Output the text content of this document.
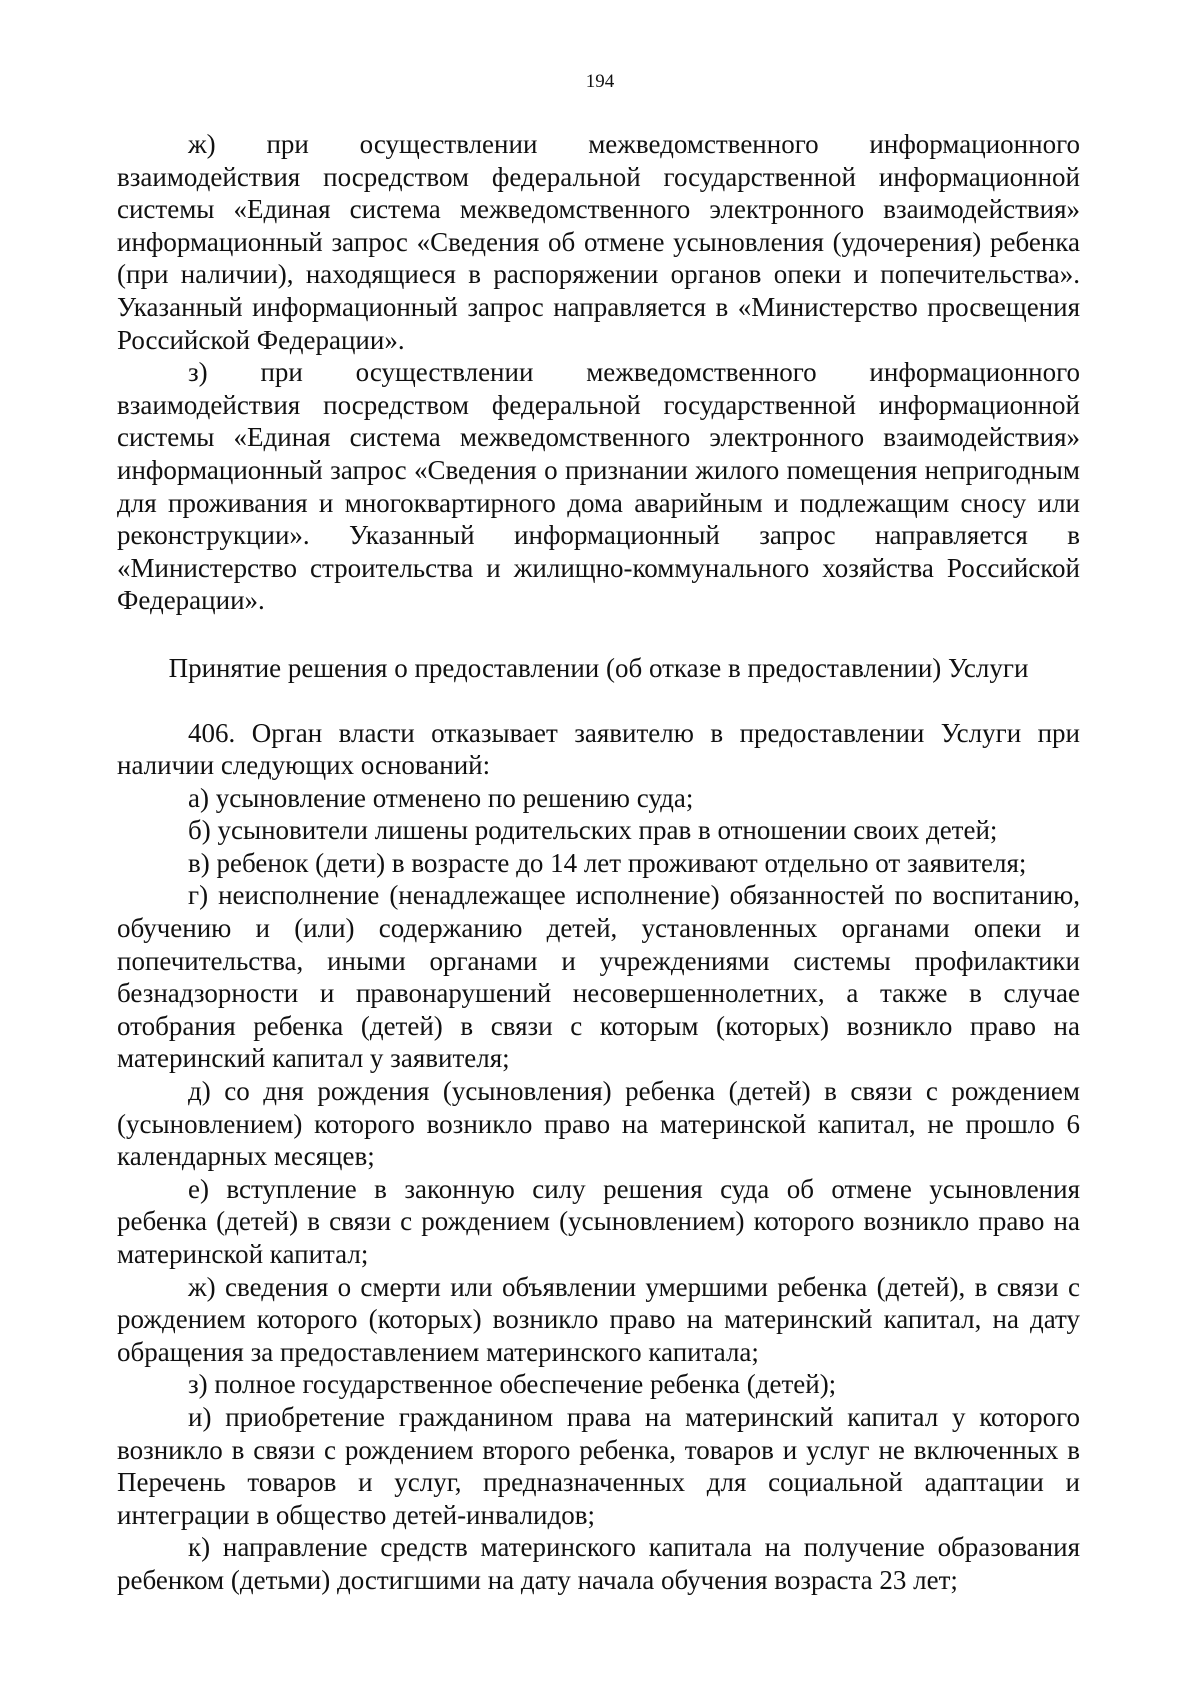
194

ж) при осуществлении межведомственного информационного взаимодействия посредством федеральной государственной информационной системы «Единая система межведомственного электронного взаимодействия» информационный запрос «Сведения об отмене усыновления (удочерения) ребенка (при наличии), находящиеся в распоряжении органов опеки и попечительства». Указанный информационный запрос направляется в «Министерство просвещения Российской Федерации».

з) при осуществлении межведомственного информационного взаимодействия посредством федеральной государственной информационной системы «Единая система межведомственного электронного взаимодействия» информационный запрос «Сведения о признании жилого помещения непригодным для проживания и многоквартирного дома аварийным и подлежащим сносу или реконструкции». Указанный информационный запрос направляется в «Министерство строительства и жилищно-коммунального хозяйства Российской Федерации».

Принятие решения о предоставлении (об отказе в предоставлении) Услуги

406. Орган власти отказывает заявителю в предоставлении Услуги при наличии следующих оснований:

а) усыновление отменено по решению суда;

б) усыновители лишены родительских прав в отношении своих детей;

в) ребенок (дети) в возрасте до 14 лет проживают отдельно от заявителя;

г) неисполнение (ненадлежащее исполнение) обязанностей по воспитанию, обучению и (или) содержанию детей, установленных органами опеки и попечительства, иными органами и учреждениями системы профилактики безнадзорности и правонарушений несовершеннолетних, а также в случае отобрания ребенка (детей) в связи с которым (которых) возникло право на материнский капитал у заявителя;

д) со дня рождения (усыновления) ребенка (детей) в связи с рождением (усыновлением) которого возникло право на материнской капитал, не прошло 6 календарных месяцев;

е) вступление в законную силу решения суда об отмене усыновления ребенка (детей) в связи с рождением (усыновлением) которого возникло право на материнской капитал;

ж) сведения о смерти или объявлении умершими ребенка (детей), в связи с рождением которого (которых) возникло право на материнский капитал, на дату обращения за предоставлением материнского капитала;

з) полное государственное обеспечение ребенка (детей);

и) приобретение гражданином права на материнский капитал у которого возникло в связи с рождением второго ребенка, товаров и услуг не включенных в Перечень товаров и услуг, предназначенных для социальной адаптации и интеграции в общество детей-инвалидов;

к) направление средств материнского капитала на получение образования ребенком (детьми) достигшими на дату начала обучения возраста 23 лет;
